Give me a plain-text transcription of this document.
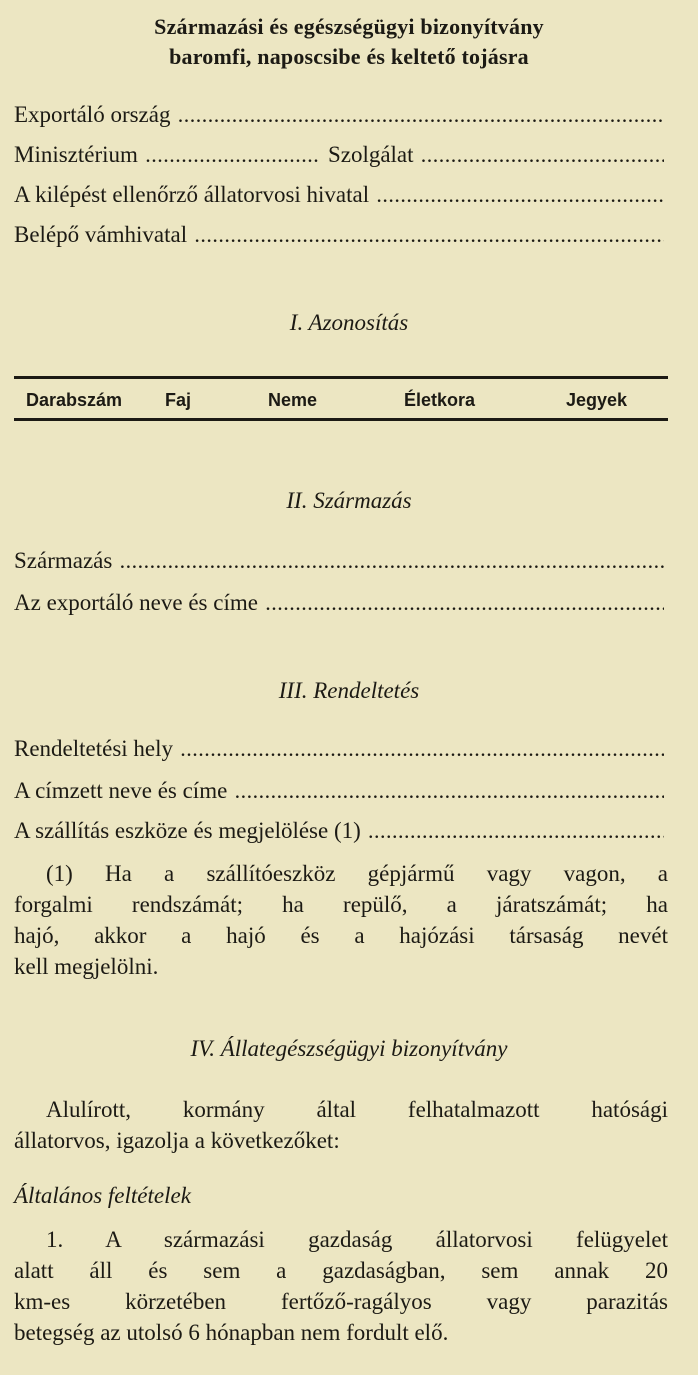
Származási és egészségügyi bizonyítvány
baromfi, naposcsibe és keltető tojásra
Exportáló ország
.....
Minisztérium
.....	Szolgálat
.....
A kilépést ellenőrző állatorvosi hivatal
.....
Belépő vámhivatal
.....
I. Azonosítás
Darabszám Faj	Neme	Életkora	Jegyek
II. Származás
Származás
.....
Az exportáló neve és címe
.....
III. Rendeltetés
Rendeltetési hely
.....
A címzett neve és címe
.....
A szállítás eszköze és megjelölése (1)
.....
(1) Ha a szállítóeszköz gépjármű vagy vagon, a
forgalmi rendszámát; ha repülő, a járatszámát; ha
hajó, akkor a hajó és a hajózási társaság nevét
kell megjelölni.
IV. Állategészségügyi bizonyítvány
Alulírott, kormány által felhatalmazott hatósági
állatorvos, igazolja a következőket:
Általános feltételek
1. A származási gazdaság állatorvosi felügyelet
alatt áll és sem a gazdaságban, sem annak 20
km-es körzetében fertőző-ragályos vagy parazitás
betegség az utolsó 6 hónapban nem fordult elő.
